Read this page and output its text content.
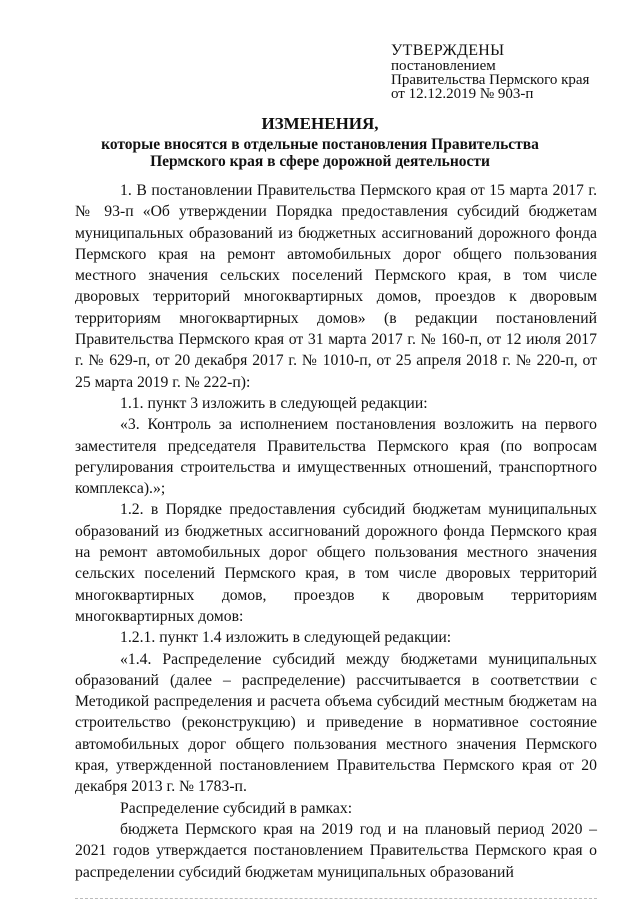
УТВЕРЖДЕНЫ
постановлением
Правительства Пермского края
от 12.12.2019 № 903-п
ИЗМЕНЕНИЯ,
которые вносятся в отдельные постановления Правительства
Пермского края в сфере дорожной деятельности

1. В постановлении Правительства Пермского края от 15 марта 2017 г. № 93-п «Об утверждении Порядка предоставления субсидий бюджетам муниципальных образований из бюджетных ассигнований дорожного фонда Пермского края на ремонт автомобильных дорог общего пользования местного значения сельских поселений Пермского края, в том числе дворовых территорий многоквартирных домов, проездов к дворовым территориям многоквартирных домов» (в редакции постановлений Правительства Пермского края от 31 марта 2017 г. № 160-п, от 12 июля 2017 г. № 629-п, от 20 декабря 2017 г. № 1010-п, от 25 апреля 2018 г. № 220-п, от 25 марта 2019 г. № 222-п):

1.1. пункт 3 изложить в следующей редакции:

«3. Контроль за исполнением постановления возложить на первого заместителя председателя Правительства Пермского края (по вопросам регулирования строительства и имущественных отношений, транспортного комплекса).»;

1.2. в Порядке предоставления субсидий бюджетам муниципальных образований из бюджетных ассигнований дорожного фонда Пермского края на ремонт автомобильных дорог общего пользования местного значения сельских поселений Пермского края, в том числе дворовых территорий многоквартирных домов, проездов к дворовым территориям многоквартирных домов:

1.2.1. пункт 1.4 изложить в следующей редакции:

«1.4. Распределение субсидий между бюджетами муниципальных образований (далее – распределение) рассчитывается в соответствии с Методикой распределения и расчета объема субсидий местным бюджетам на строительство (реконструкцию) и приведение в нормативное состояние автомобильных дорог общего пользования местного значения Пермского края, утвержденной постановлением Правительства Пермского края от 20 декабря 2013 г. № 1783-п.

Распределение субсидий в рамках:

бюджета Пермского края на 2019 год и на плановый период 2020 – 2021 годов утверждается постановлением Правительства Пермского края о распределении субсидий бюджетам муниципальных образований
